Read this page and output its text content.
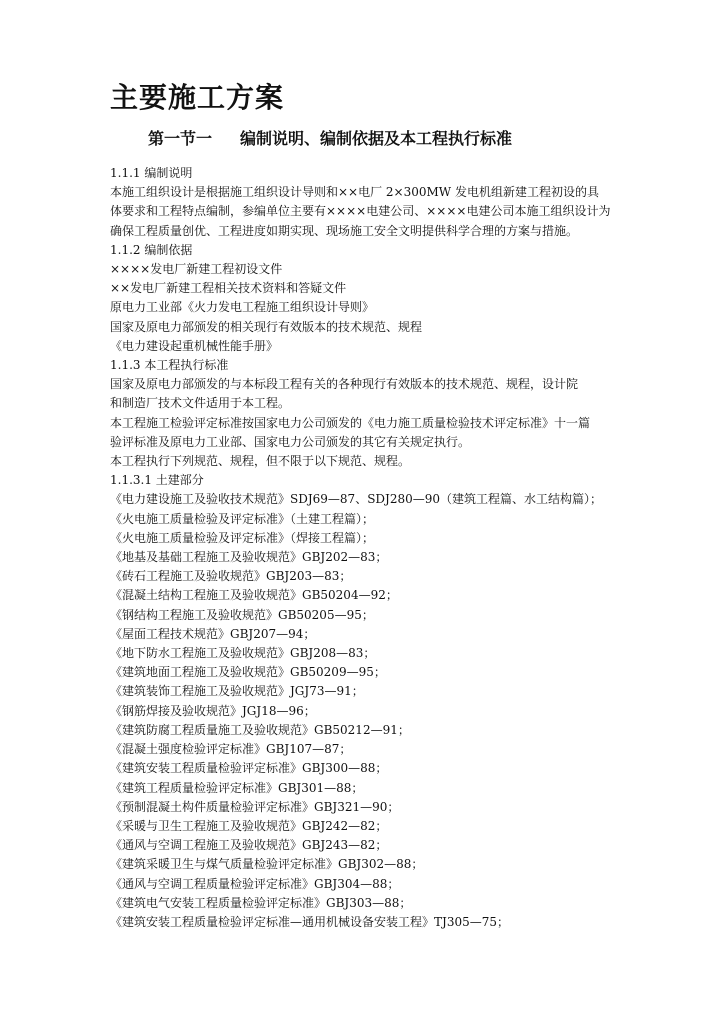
主要施工方案
第一节一 编制说明、编制依据及本工程执行标准

1.1.1 编制说明

本施工组织设计是根据施工组织设计导则和××电厂 2×300MW 发电机组新建工程初设的具

体要求和工程特点编制，参编单位主要有××××电建公司、××××电建公司本施工组织设计为

确保工程质量创优、工程进度如期实现、现场施工安全文明提供科学合理的方案与措施。

1.1.2 编制依据

××××发电厂新建工程初设文件

××发电厂新建工程相关技术资料和答疑文件

原电力工业部《火力发电工程施工组织设计导则》

国家及原电力部颁发的相关现行有效版本的技术规范、规程

《电力建设起重机械性能手册》

1.1.3 本工程执行标准

国家及原电力部颁发的与本标段工程有关的各种现行有效版本的技术规范、规程，设计院

和制造厂技术文件适用于本工程。

本工程施工检验评定标准按国家电力公司颁发的《电力施工质量检验技术评定标准》十一篇

验评标准及原电力工业部、国家电力公司颁发的其它有关规定执行。

本工程执行下列规范、规程，但不限于以下规范、规程。

1.1.3.1 土建部分

《电力建设施工及验收技术规范》SDJ69—87、SDJ280—90（建筑工程篇、水工结构篇）；

《火电施工质量检验及评定标准》（土建工程篇）；

《火电施工质量检验及评定标准》（焊接工程篇）；

《地基及基础工程施工及验收规范》GBJ202—83；

《砖石工程施工及验收规范》GBJ203—83；

《混凝土结构工程施工及验收规范》GB50204—92；

《钢结构工程施工及验收规范》GB50205—95；

《屋面工程技术规范》GBJ207—94；

《地下防水工程施工及验收规范》GBJ208—83；

《建筑地面工程施工及验收规范》GB50209—95；

《建筑装饰工程施工及验收规范》JGJ73—91；

《钢筋焊接及验收规范》JGJ18—96；

《建筑防腐工程质量施工及验收规范》GB50212—91；

《混凝土强度检验评定标准》GBJ107—87；

《建筑安装工程质量检验评定标准》GBJ300—88；

《建筑工程质量检验评定标准》GBJ301—88；

《预制混凝土构件质量检验评定标准》GBJ321—90；

《采暖与卫生工程施工及验收规范》GBJ242—82；

《通风与空调工程施工及验收规范》GBJ243—82；

《建筑采暖卫生与煤气质量检验评定标准》GBJ302—88；

《通风与空调工程质量检验评定标准》GBJ304—88；

《建筑电气安装工程质量检验评定标准》GBJ303—88；

《建筑安装工程质量检验评定标准—通用机械设备安装工程》TJ305—75；
